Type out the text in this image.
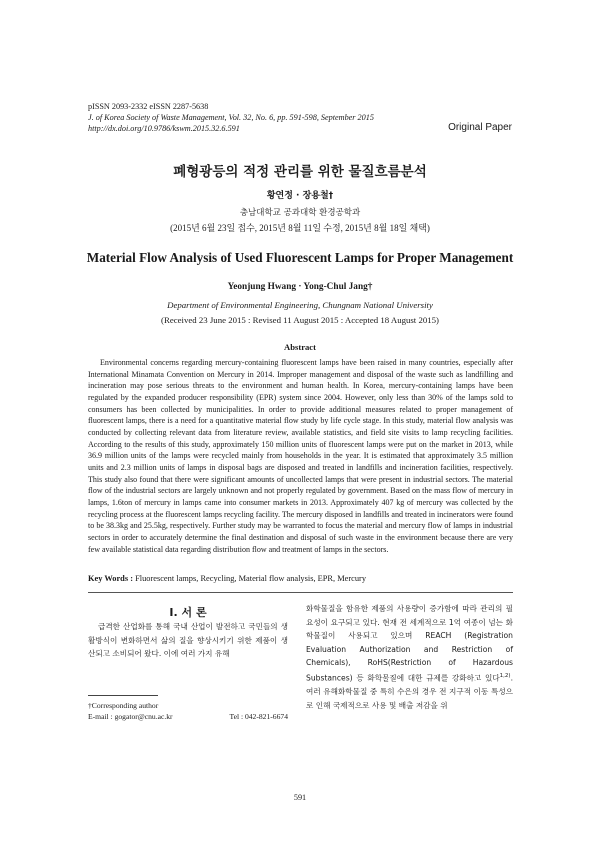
pISSN 2093-2332 eISSN 2287-5638
J. of Korea Society of Waste Management, Vol. 32, No. 6, pp. 591-598, September 2015
http://dx.doi.org/10.9786/kswm.2015.32.6.591	Original Paper
폐형광등의 적정 관리를 위한 물질흐름분석
황연정 · 장용철†
충남대학교 공과대학 환경공학과
(2015년 6월 23일 접수, 2015년 8월 11일 수정, 2015년 8월 18일 채택)
Material Flow Analysis of Used Fluorescent Lamps for Proper Management
Yeonjung Hwang · Yong-Chul Jang†
Department of Environmental Engineering, Chungnam National University
(Received 23 June 2015 : Revised 11 August 2015 : Accepted 18 August 2015)
Abstract

Environmental concerns regarding mercury-containing fluorescent lamps have been raised in many countries, especially after International Minamata Convention on Mercury in 2014. Improper management and disposal of the waste such as landfilling and incineration may pose serious threats to the environment and human health. In Korea, mercury-containing lamps have been regulated by the expanded producer responsibility (EPR) system since 2004. However, only less than 30% of the lamps sold to consumers has been collected by municipalities. In order to provide additional measures related to proper management of fluorescent lamps, there is a need for a quantitative material flow study by life cycle stage. In this study, material flow analysis was conducted by collecting relevant data from literature review, available statistics, and field site visits to lamp recycling facilities. According to the results of this study, approximately 150 million units of fluorescent lamps were put on the market in 2013, while 36.9 million units of the lamps were recycled mainly from households in the year. It is estimated that approximately 3.5 million units and 2.3 million units of lamps in disposal bags are disposed and treated in landfills and incineration facilities, respectively. This study also found that there were significant amounts of uncollected lamps that were present in industrial sectors. The material flow of the industrial sectors are largely unknown and not properly regulated by government. Based on the mass flow of mercury in lamps, 1.6ton of mercury in lamps came into consumer markets in 2013. Approximately 407 kg of mercury was collected by the recycling process at the fluorescent lamps recycling facility. The mercury disposed in landfills and treated in incinerators were found to be 38.3kg and 25.5kg, respectively. Further study may be warranted to focus the material and mercury flow of lamps in industrial sectors in order to accurately determine the final destination and disposal of such waste in the environment because there are very few available statistical data regarding distribution flow and treatment of lamps in the sectors.

Key Words : Fluorescent lamps, Recycling, Material flow analysis, EPR, Mercury
I. 서 론

급격한 산업화를 통해 국내 산업이 발전하고 국민들의 생활방식이 변화하면서 삶의 질을 향상시키기 위한 제품이 생산되고 소비되어 왔다. 이에 여러 가지 유해

†Corresponding author
E-mail : gogator@cnu.ac.kr	Tel : 042-821-6674

화학물질을 함유한 제품의 사용량이 증가함에 따라 관리의 필요성이 요구되고 있다. 현재 전 세계적으로 1억 여종이 넘는 화학물질이 사용되고 있으며 REACH (Registration Evaluation Authorization and Restriction of Chemicals), RoHS(Restriction of Hazardous Substances) 등 화학물질에 대한 규제를 강화하고 있다$^{1,2)}$. 여러 유해화학물질 중 특히 수은의 경우 전 지구적 이동 특성으로 인해 국제적으로 사용 및 배출 저감을 위

591
